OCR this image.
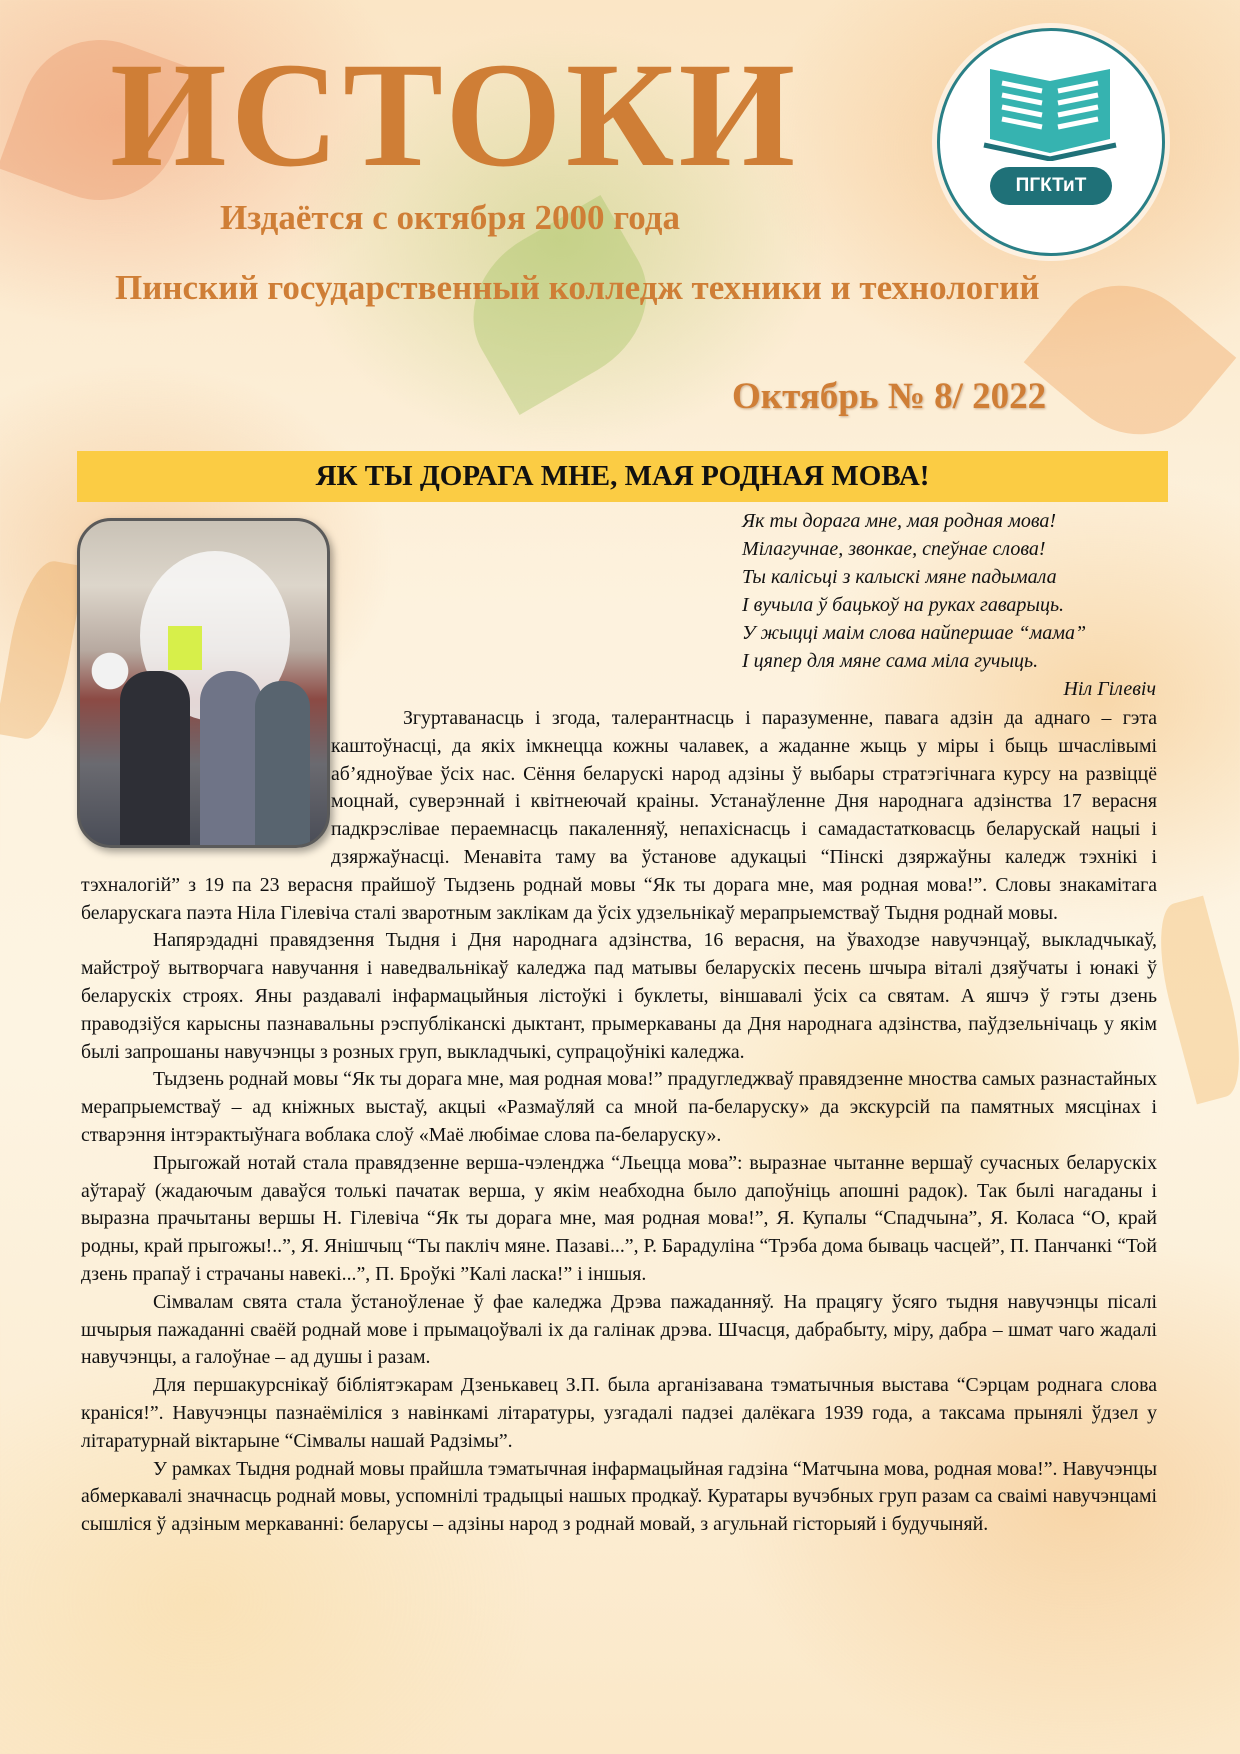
ИСТОКИ
Издаётся с октября 2000 года
Пинский государственный колледж техники и технологий
Октябрь № 8/ 2022
ПГКТиТ
ЯК ТЫ ДОРАГА МНЕ, МАЯ РОДНАЯ МОВА!
Як ты дорага мне, мая родная мова!
Мілагучнае, звонкае, спеўнае слова!
Ты калісьці з калыскі мяне падымала
І вучыла ў бацькоў на руках гаварыць.
У жыцці маім слова найпершае “мама”
І цяпер для мяне сама міла гучыць.
Ніл Гілевіч

Згуртаванасць і згода, талерантнасць і паразуменне, павага адзін да аднаго – гэта каштоўнасці, да якіх імкнецца кожны чалавек, а жаданне жыць у міры і быць шчаслівымі аб’ядноўвае ўсіх нас. Сёння беларускі народ адзіны ў выбары стратэгічнага курсу на развіццё моцнай, суверэннай і квітнеючай краіны. Устанаўленне Дня народнага адзінства 17 верасня падкрэслівае пераемнасць пакаленняў, непахіснасць і самадастатковасць беларускай нацыі і дзяржаўнасці. Менавіта таму ва ўстанове адукацыі “Пінскі дзяржаўны каледж тэхнікі і тэхналогій” з 19 па 23 верасня прайшоў Тыдзень роднай мовы “Як ты дорага мне, мая родная мова!”. Словы знакамітага беларускага паэта Ніла Гілевіча сталі зваротным заклікам да ўсіх удзельнікаў мерапрыемстваў Тыдня роднай мовы.

Напярэдадні правядзення Тыдня і Дня народнага адзінства, 16 верасня, на ўваходзе навучэнцаў, выкладчыкаў, майстроў вытворчага навучання і наведвальнікаў каледжа пад матывы беларускіх песень шчыра віталі дзяўчаты і юнакі ў беларускіх строях. Яны раздавалі інфармацыйныя лістоўкі і буклеты, віншавалі ўсіх са святам. А яшчэ ў гэты дзень праводзіўся карысны пазнавальны рэспубліканскі дыктант, прымеркаваны да Дня народнага адзінства, паўдзельнічаць у якім былі запрошаны навучэнцы з розных груп, выкладчыкі, супрацоўнікі каледжа.

Тыдзень роднай мовы “Як ты дорага мне, мая родная мова!” прадугледжваў правядзенне мноства самых разнастайных мерапрыемстваў – ад кніжных выстаў, акцыі «Размаўляй са мной па-беларуску» да экскурсій па памятных мясцінах і стварэння інтэрактыўнага воблака слоў «Маё любімае слова па-беларуску».

Прыгожай нотай стала правядзенне верша-чэленджа “Льецца мова”: выразнае чытанне вершаў сучасных беларускіх аўтараў (жадаючым даваўся толькі пачатак верша, у якім неабходна было дапоўніць апошні радок). Так былі нагаданы і выразна прачытаны вершы Н. Гілевіча “Як ты дорага мне, мая родная мова!”, Я. Купалы “Спадчына”, Я. Коласа “О, край родны, край прыгожы!..”, Я. Янішчыц “Ты пакліч мяне. Пазаві...”, Р. Барадуліна “Трэба дома бываць часцей”, П. Панчанкі “Той дзень прапаў і страчаны навекі...”, П. Броўкі ”Калі ласка!” і іншыя.

Сімвалам свята стала ўстаноўленае ў фае каледжа Дрэва пажаданняў. На працягу ўсяго тыдня навучэнцы пісалі шчырыя пажаданні сваёй роднай мове і прымацоўвалі іх да галінак дрэва. Шчасця, дабрабыту, міру, дабра – шмат чаго жадалі навучэнцы, а галоўнае – ад душы і разам.

Для першакурснікаў бібліятэкарам Дзенькавец З.П. была арганізавана тэматычныя выстава “Сэрцам роднага слова краніся!”. Навучэнцы пазнаёміліся з навінкамі літаратуры, узгадалі падзеі далёкага 1939 года, а таксама прынялі ўдзел у літаратурнай віктарыне “Сімвалы нашай Радзімы”.

У рамках Тыдня роднай мовы прайшла тэматычная інфармацыйная гадзіна “Матчына мова, родная мова!”. Навучэнцы абмеркавалі значнасць роднай мовы, успомнілі традыцыі нашых продкаў. Куратары вучэбных груп разам са сваімі навучэнцамі сышліся ў адзіным меркаванні: беларусы – адзіны народ з роднай мовай, з агульнай гісторыяй і будучыняй.
